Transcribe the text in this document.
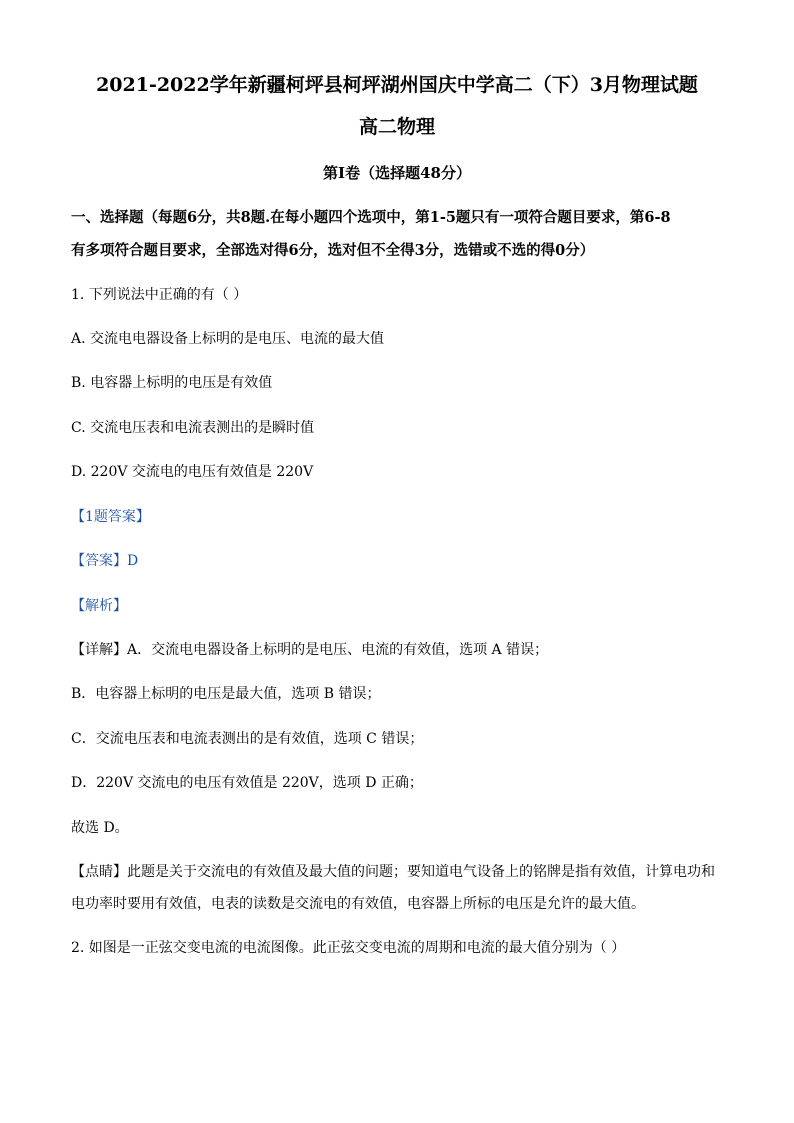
2021-2022学年新疆柯坪县柯坪湖州国庆中学高二（下）3月物理试题
高二物理
第I卷（选择题48分）
一、选择题（每题6分，共8题.在每小题四个选项中，第1-5题只有一项符合题目要求，第6-8
有多项符合题目要求，全部选对得6分，选对但不全得3分，选错或不选的得0分）
1. 下列说法中正确的有（ ）
A. 交流电电器设备上标明的是电压、电流的最大值
B. 电容器上标明的电压是有效值
C. 交流电压表和电流表测出的是瞬时值
D. 220V 交流电的电压有效值是 220V
【1题答案】
【答案】D
【解析】
【详解】A．交流电电器设备上标明的是电压、电流的有效值，选项 A 错误；
B．电容器上标明的电压是最大值，选项 B 错误；
C．交流电压表和电流表测出的是有效值，选项 C 错误；
D．220V 交流电的电压有效值是 220V，选项 D 正确；
故选 D。
【点睛】此题是关于交流电的有效值及最大值的问题；要知道电气设备上的铭牌是指有效值，计算电功和
电功率时要用有效值，电表的读数是交流电的有效值，电容器上所标的电压是允许的最大值。
2. 如图是一正弦交变电流的电流图像。此正弦交变电流的周期和电流的最大值分别为（ ）
